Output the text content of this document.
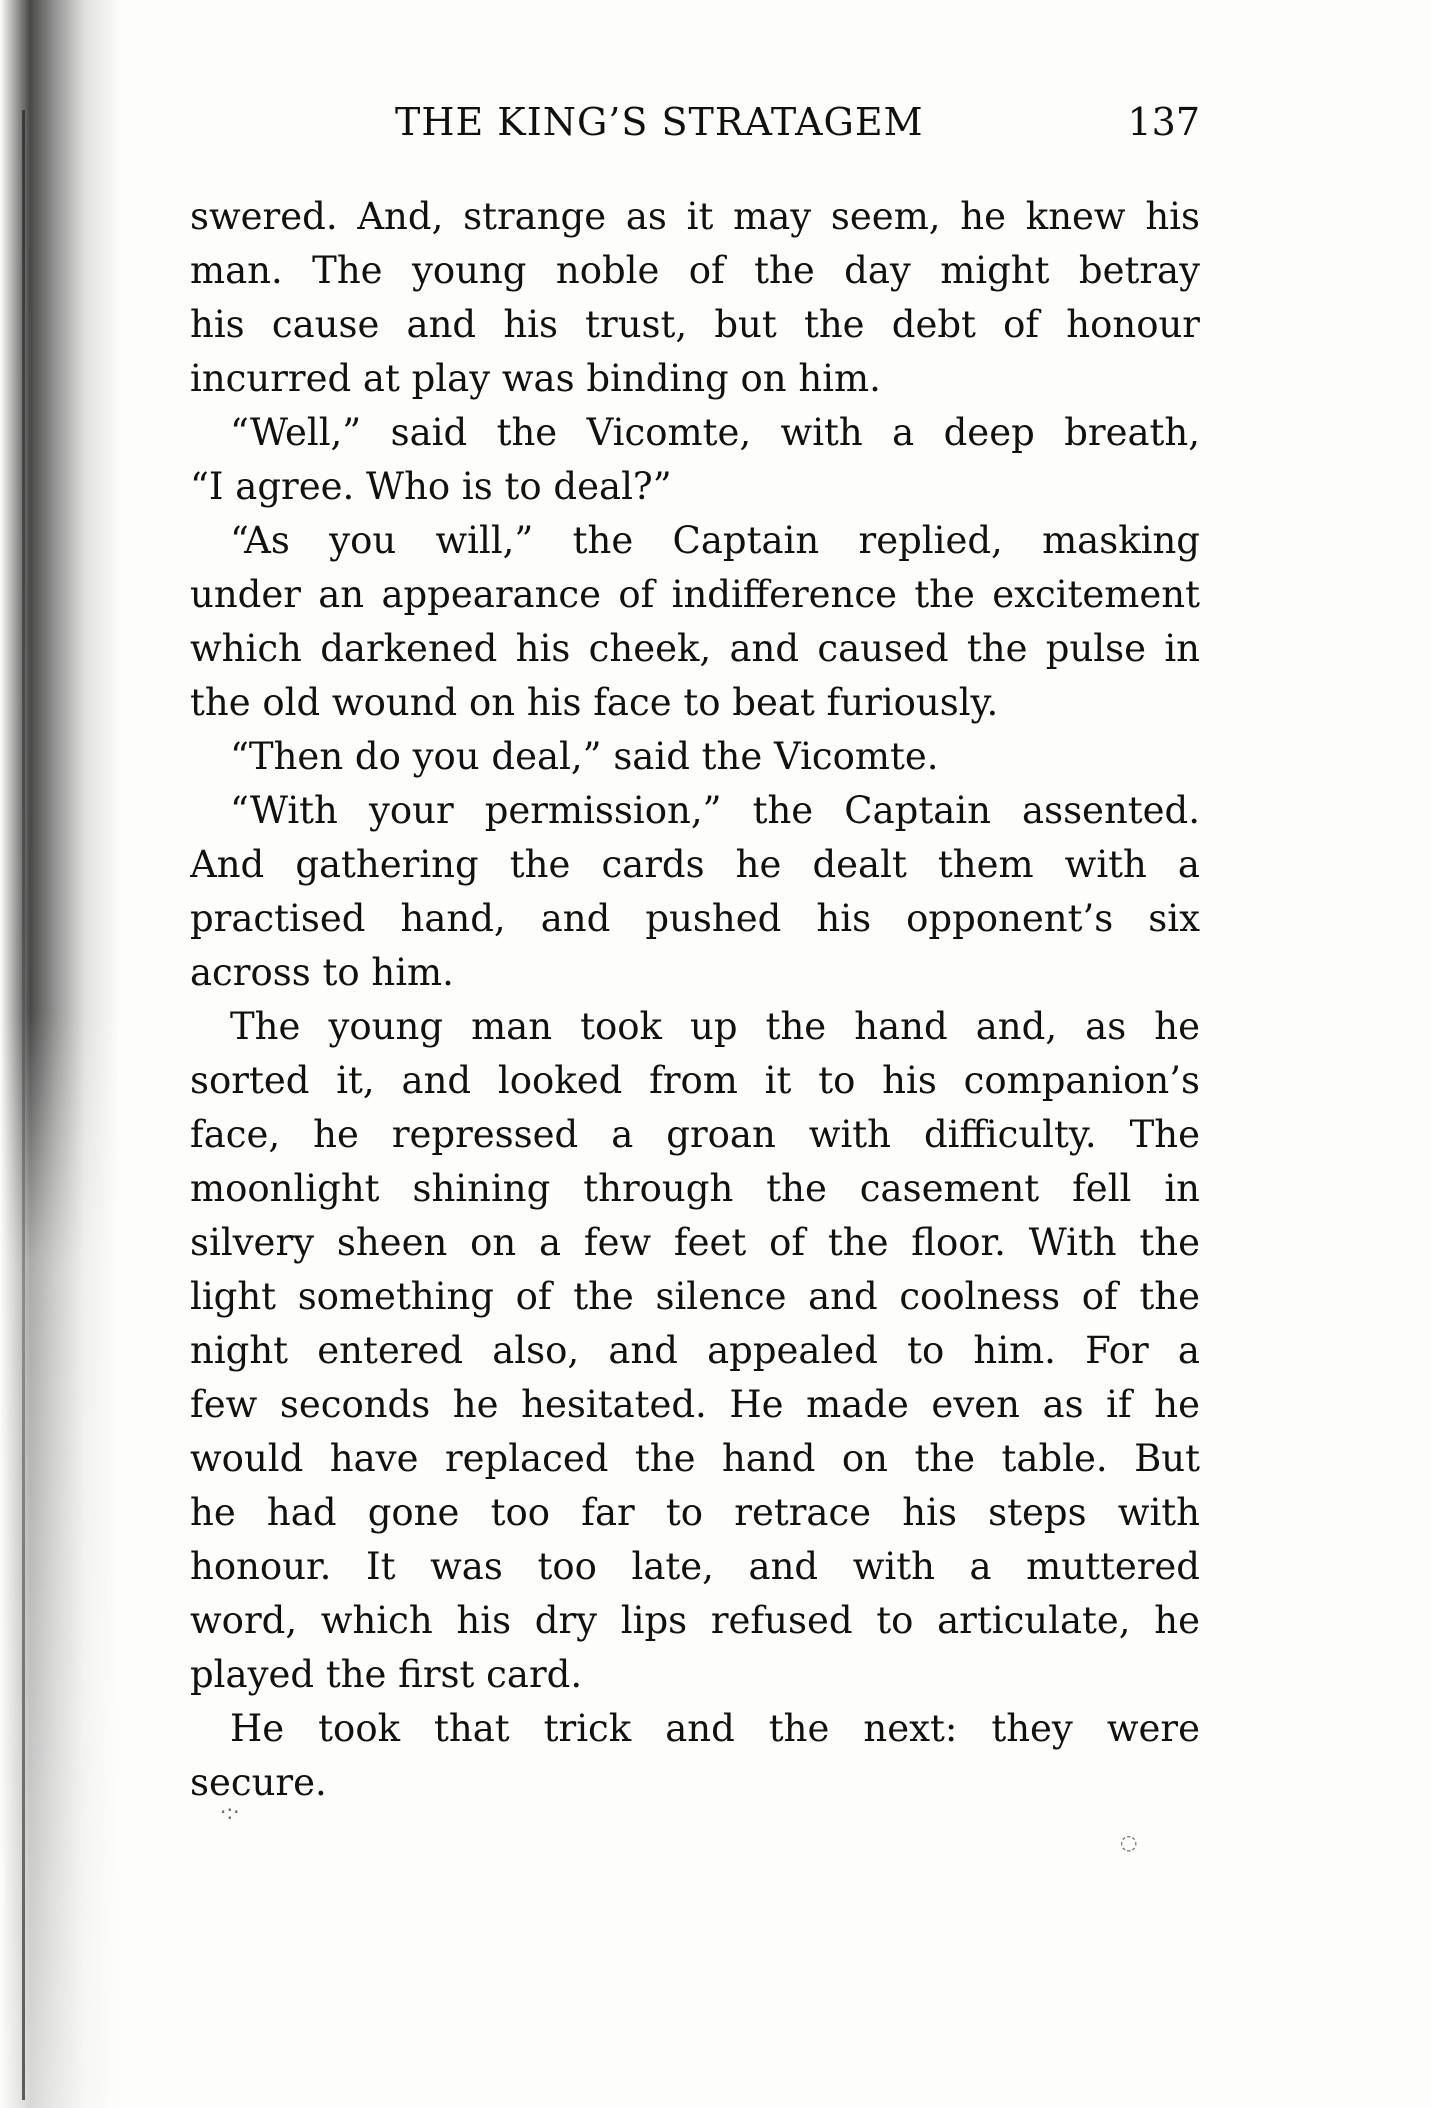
THE KING’S STRATAGEM	137
swered. And, strange as it may seem, he knew his
man. The young noble of the day might betray
his cause and his trust, but the debt of honour
incurred at play was binding on him.
“Well,” said the Vicomte, with a deep breath,
“I agree. Who is to deal?”
“As you will,” the Captain replied, masking
under an appearance of indifference the excitement
which darkened his cheek, and caused the pulse in
the old wound on his face to beat furiously.
“Then do you deal,” said the Vicomte.
“With your permission,” the Captain assented.
And gathering the cards he dealt them with a
practised hand, and pushed his opponent’s six
across to him.
The young man took up the hand and, as he
sorted it, and looked from it to his companion’s
face, he repressed a groan with difficulty. The
moonlight shining through the casement fell in
silvery sheen on a few feet of the floor. With the
light something of the silence and coolness of the
night entered also, and appealed to him. For a
few seconds he hesitated. He made even as if he
would have replaced the hand on the table. But
he had gone too far to retrace his steps with
honour. It was too late, and with a muttered
word, which his dry lips refused to articulate, he
played the first card.
He took that trick and the next: they were
secure.
·:·
◌
